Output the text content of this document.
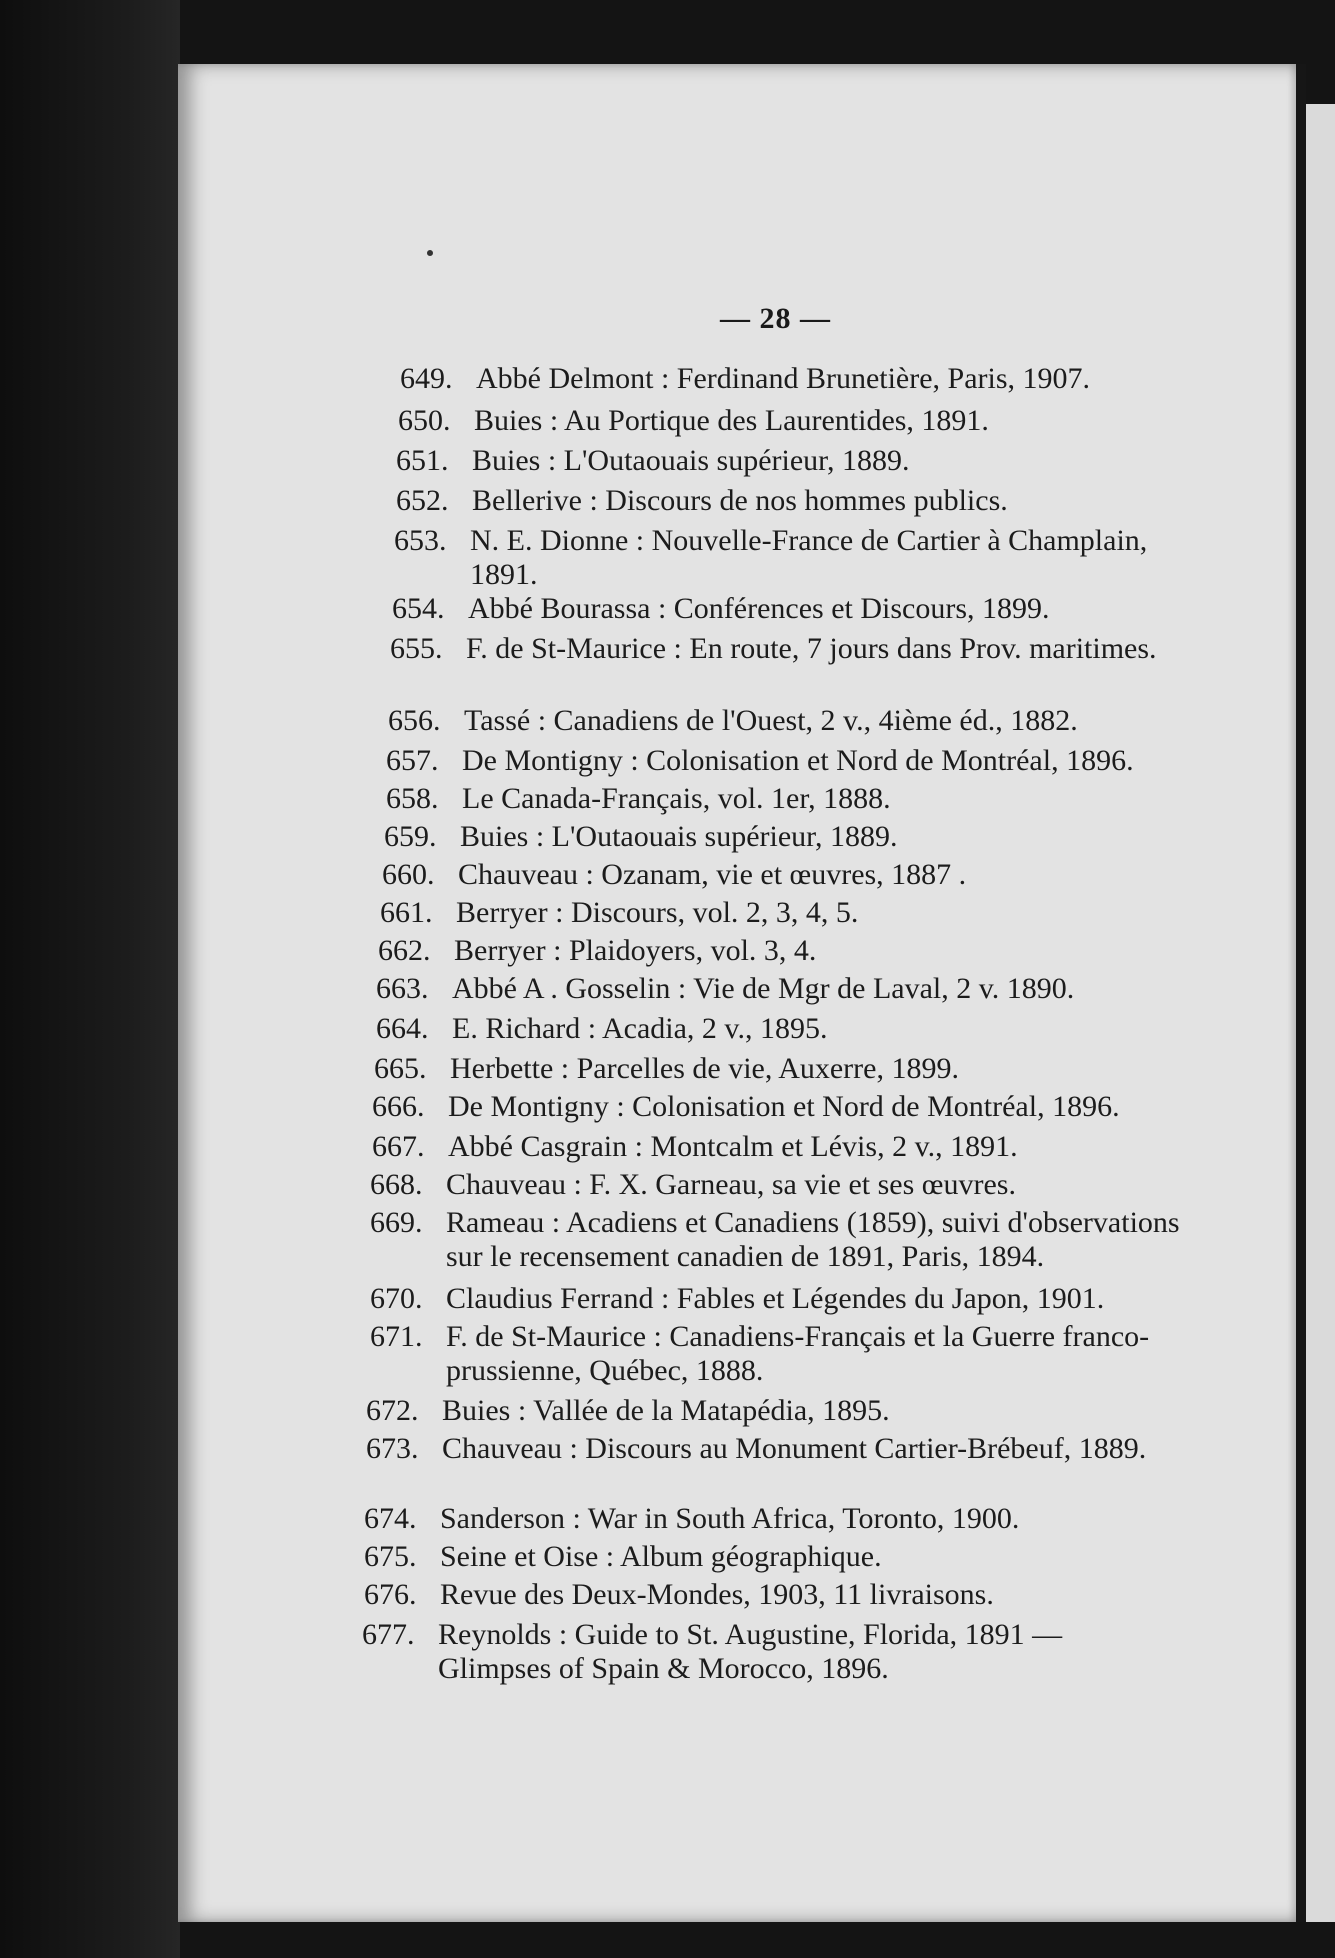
— 28 —
649. Abbé Delmont : Ferdinand Brunetière, Paris, 1907.
650. Buies : Au Portique des Laurentides, 1891.
651. Buies : L'Outaouais supérieur, 1889.
652. Bellerive : Discours de nos hommes publics.
653. N. E. Dionne : Nouvelle-France de Cartier à Champlain, 1891.
654. Abbé Bourassa : Conférences et Discours, 1899.
655. F. de St-Maurice : En route, 7 jours dans Prov. maritimes.
656. Tassé : Canadiens de l'Ouest, 2 v., 4ième éd., 1882.
657. De Montigny : Colonisation et Nord de Montréal, 1896.
658. Le Canada-Français, vol. 1er, 1888.
659. Buies : L'Outaouais supérieur, 1889.
660. Chauveau : Ozanam, vie et œuvres, 1887 .
661. Berryer : Discours, vol. 2, 3, 4, 5.
662. Berryer : Plaidoyers, vol. 3, 4.
663. Abbé A . Gosselin : Vie de Mgr de Laval, 2 v. 1890.
664. E. Richard : Acadia, 2 v., 1895.
665. Herbette : Parcelles de vie, Auxerre, 1899.
666. De Montigny : Colonisation et Nord de Montréal, 1896.
667. Abbé Casgrain : Montcalm et Lévis, 2 v., 1891.
668. Chauveau : F. X. Garneau, sa vie et ses œuvres.
669. Rameau : Acadiens et Canadiens (1859), suivi d'observations sur le recensement canadien de 1891, Paris, 1894.
670. Claudius Ferrand : Fables et Légendes du Japon, 1901.
671. F. de St-Maurice : Canadiens-Français et la Guerre franco-prussienne, Québec, 1888.
672. Buies : Vallée de la Matapédia, 1895.
673. Chauveau : Discours au Monument Cartier-Brébeuf, 1889.
674. Sanderson : War in South Africa, Toronto, 1900.
675. Seine et Oise : Album géographique.
676. Revue des Deux-Mondes, 1903, 11 livraisons.
677. Reynolds : Guide to St. Augustine, Florida, 1891 — Glimpses of Spain & Morocco, 1896.
